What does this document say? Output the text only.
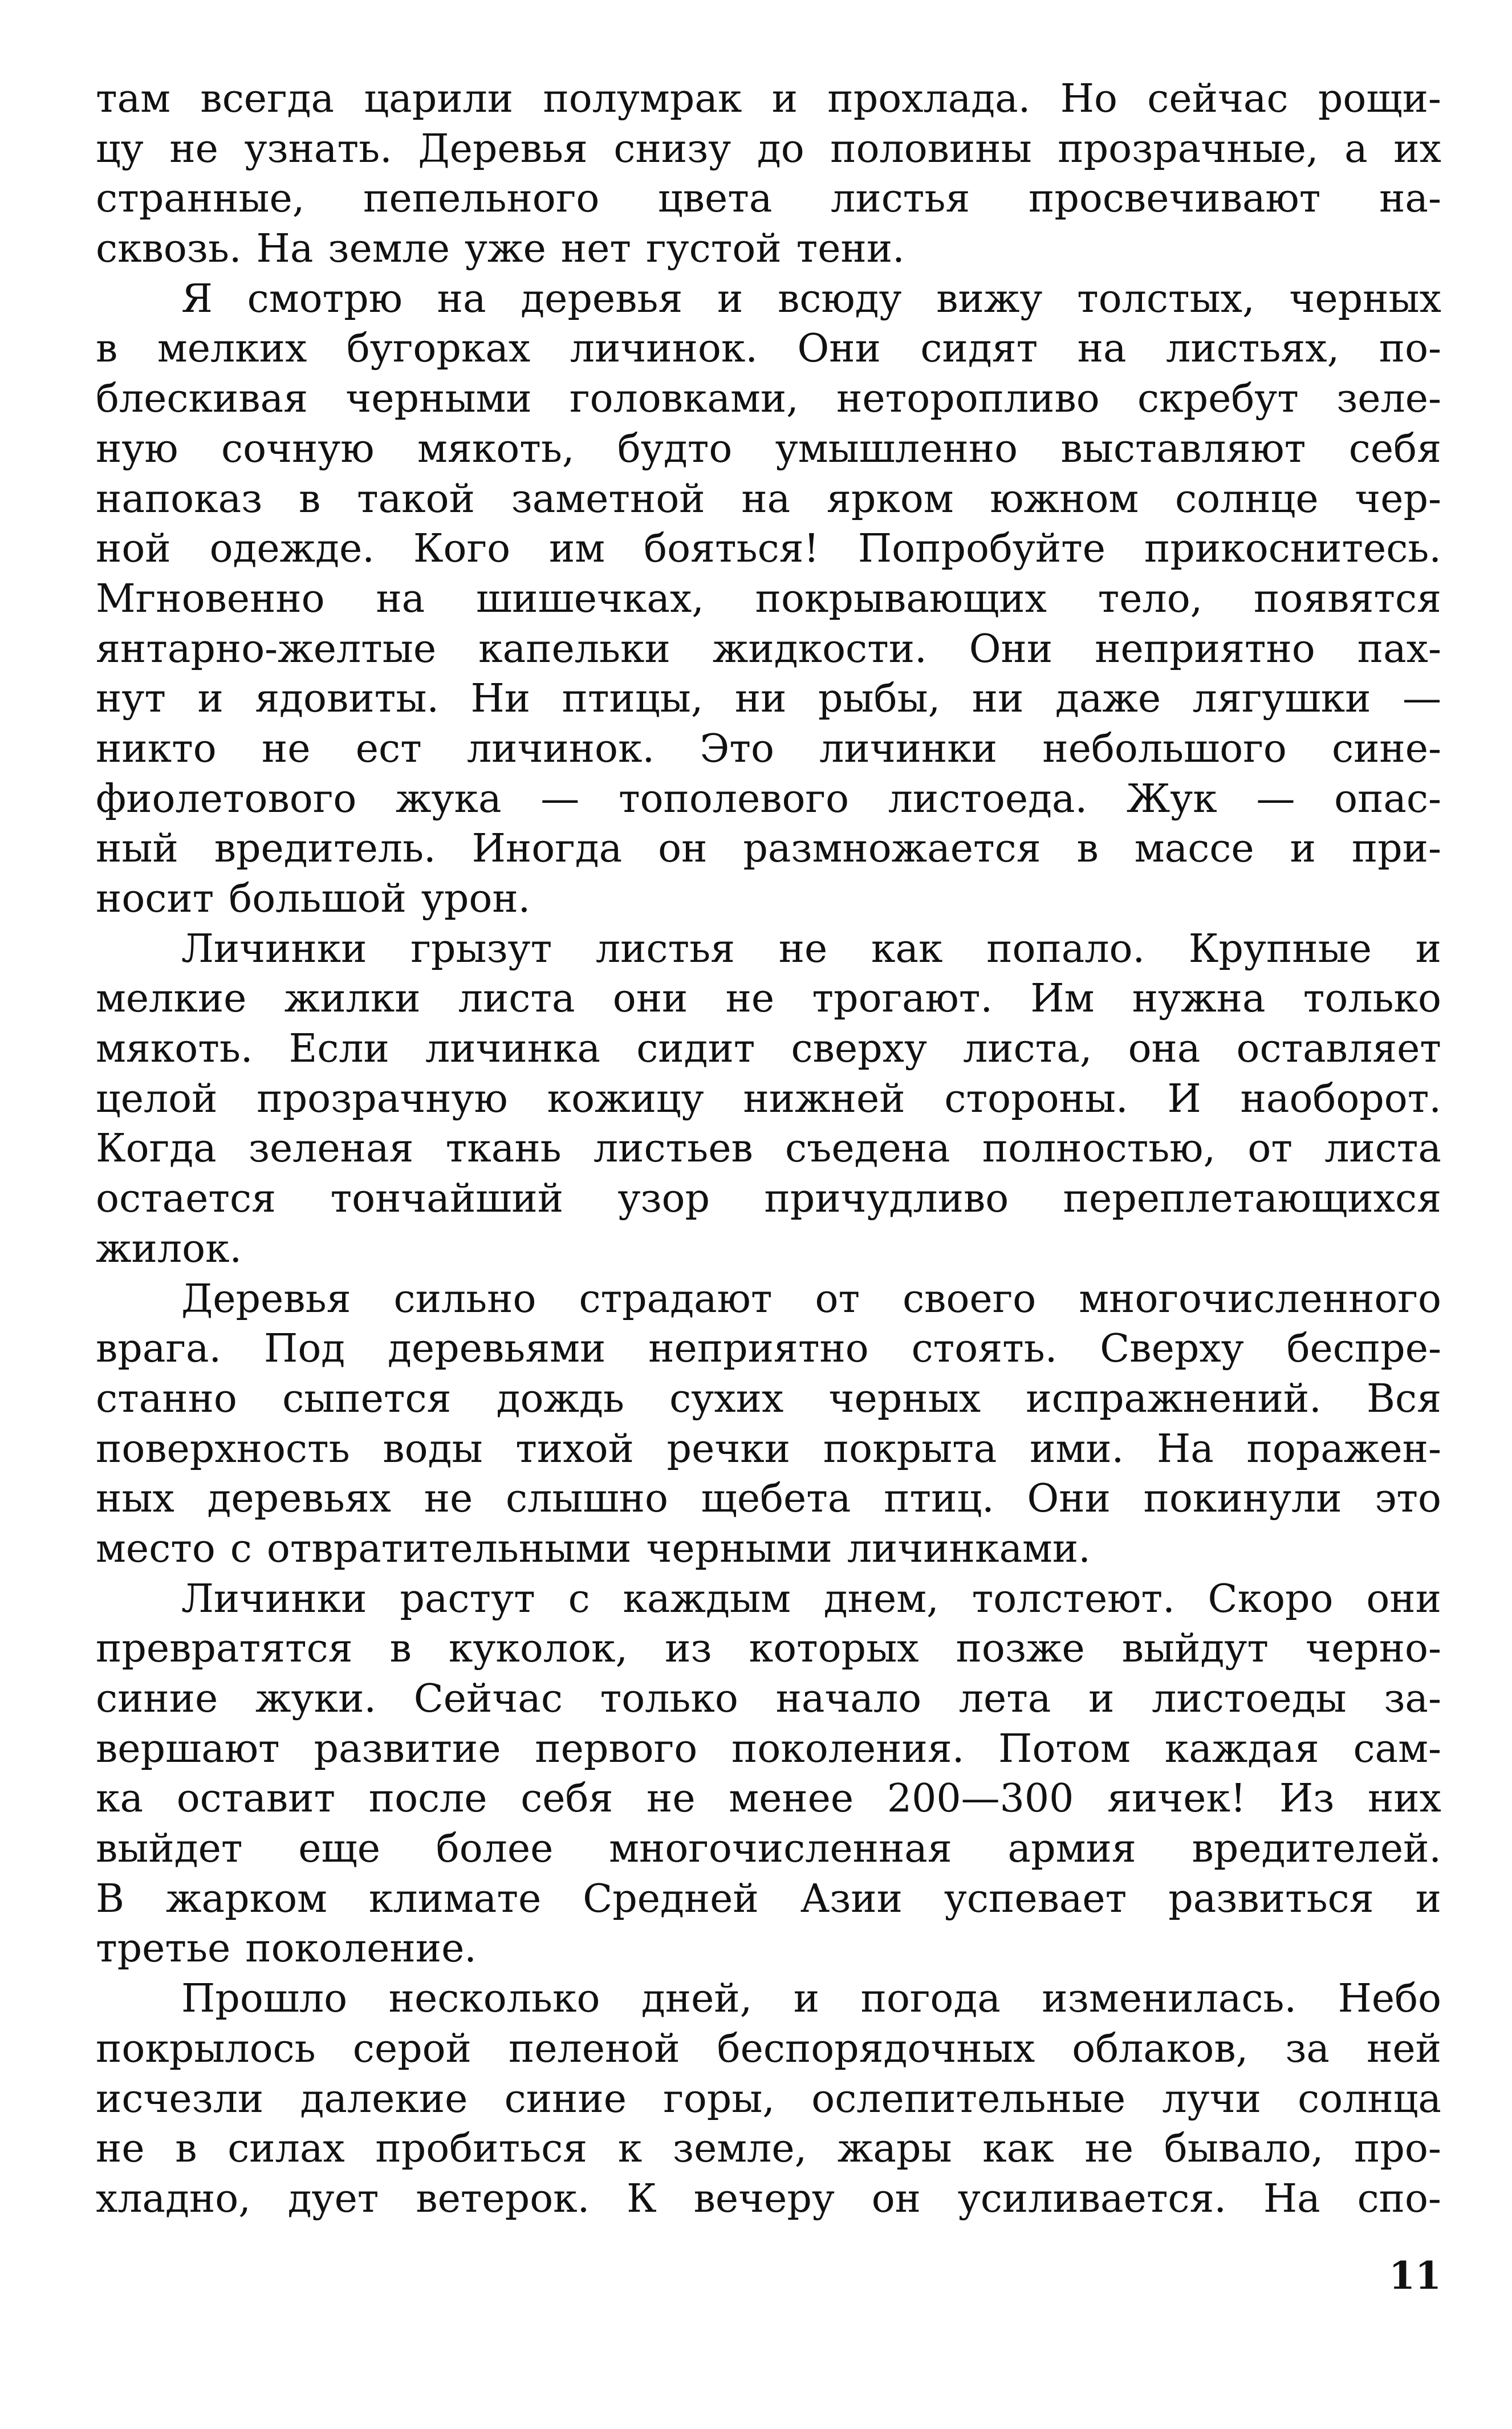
там всегда царили полумрак и прохлада. Но сейчас рощи-
цу не узнать. Деревья снизу до половины прозрачные, а их
странные, пепельного цвета листья просвечивают на-
сквозь. На земле уже нет густой тени.
Я смотрю на деревья и всюду вижу толстых, черных
в мелких бугорках личинок. Они сидят на листьях, по-
блескивая черными головками, неторопливо скребут зеле-
ную сочную мякоть, будто умышленно выставляют себя
напоказ в такой заметной на ярком южном солнце чер-
ной одежде. Кого им бояться! Попробуйте прикоснитесь.
Мгновенно на шишечках, покрывающих тело, появятся
янтарно-желтые капельки жидкости. Они неприятно пах-
нут и ядовиты. Ни птицы, ни рыбы, ни даже лягушки —
никто не ест личинок. Это личинки небольшого сине-
фиолетового жука — тополевого листоеда. Жук — опас-
ный вредитель. Иногда он размножается в массе и при-
носит большой урон.
Личинки грызут листья не как попало. Крупные и
мелкие жилки листа они не трогают. Им нужна только
мякоть. Если личинка сидит сверху листа, она оставляет
целой прозрачную кожицу нижней стороны. И наоборот.
Когда зеленая ткань листьев съедена полностью, от листа
остается тончайший узор причудливо переплетающихся
жилок.
Деревья сильно страдают от своего многочисленного
врага. Под деревьями неприятно стоять. Сверху беспре-
станно сыпется дождь сухих черных испражнений. Вся
поверхность воды тихой речки покрыта ими. На поражен-
ных деревьях не слышно щебета птиц. Они покинули это
место с отвратительными черными личинками.
Личинки растут с каждым днем, толстеют. Скоро они
превратятся в куколок, из которых позже выйдут черно-
синие жуки. Сейчас только начало лета и листоеды за-
вершают развитие первого поколения. Потом каждая сам-
ка оставит после себя не менее 200—300 яичек! Из них
выйдет еще более многочисленная армия вредителей.
В жарком климате Средней Азии успевает развиться и
третье поколение.
Прошло несколько дней, и погода изменилась. Небо
покрылось серой пеленой беспорядочных облаков, за ней
исчезли далекие синие горы, ослепительные лучи солнца
не в силах пробиться к земле, жары как не бывало, про-
хладно, дует ветерок. К вечеру он усиливается. На спо-
11
